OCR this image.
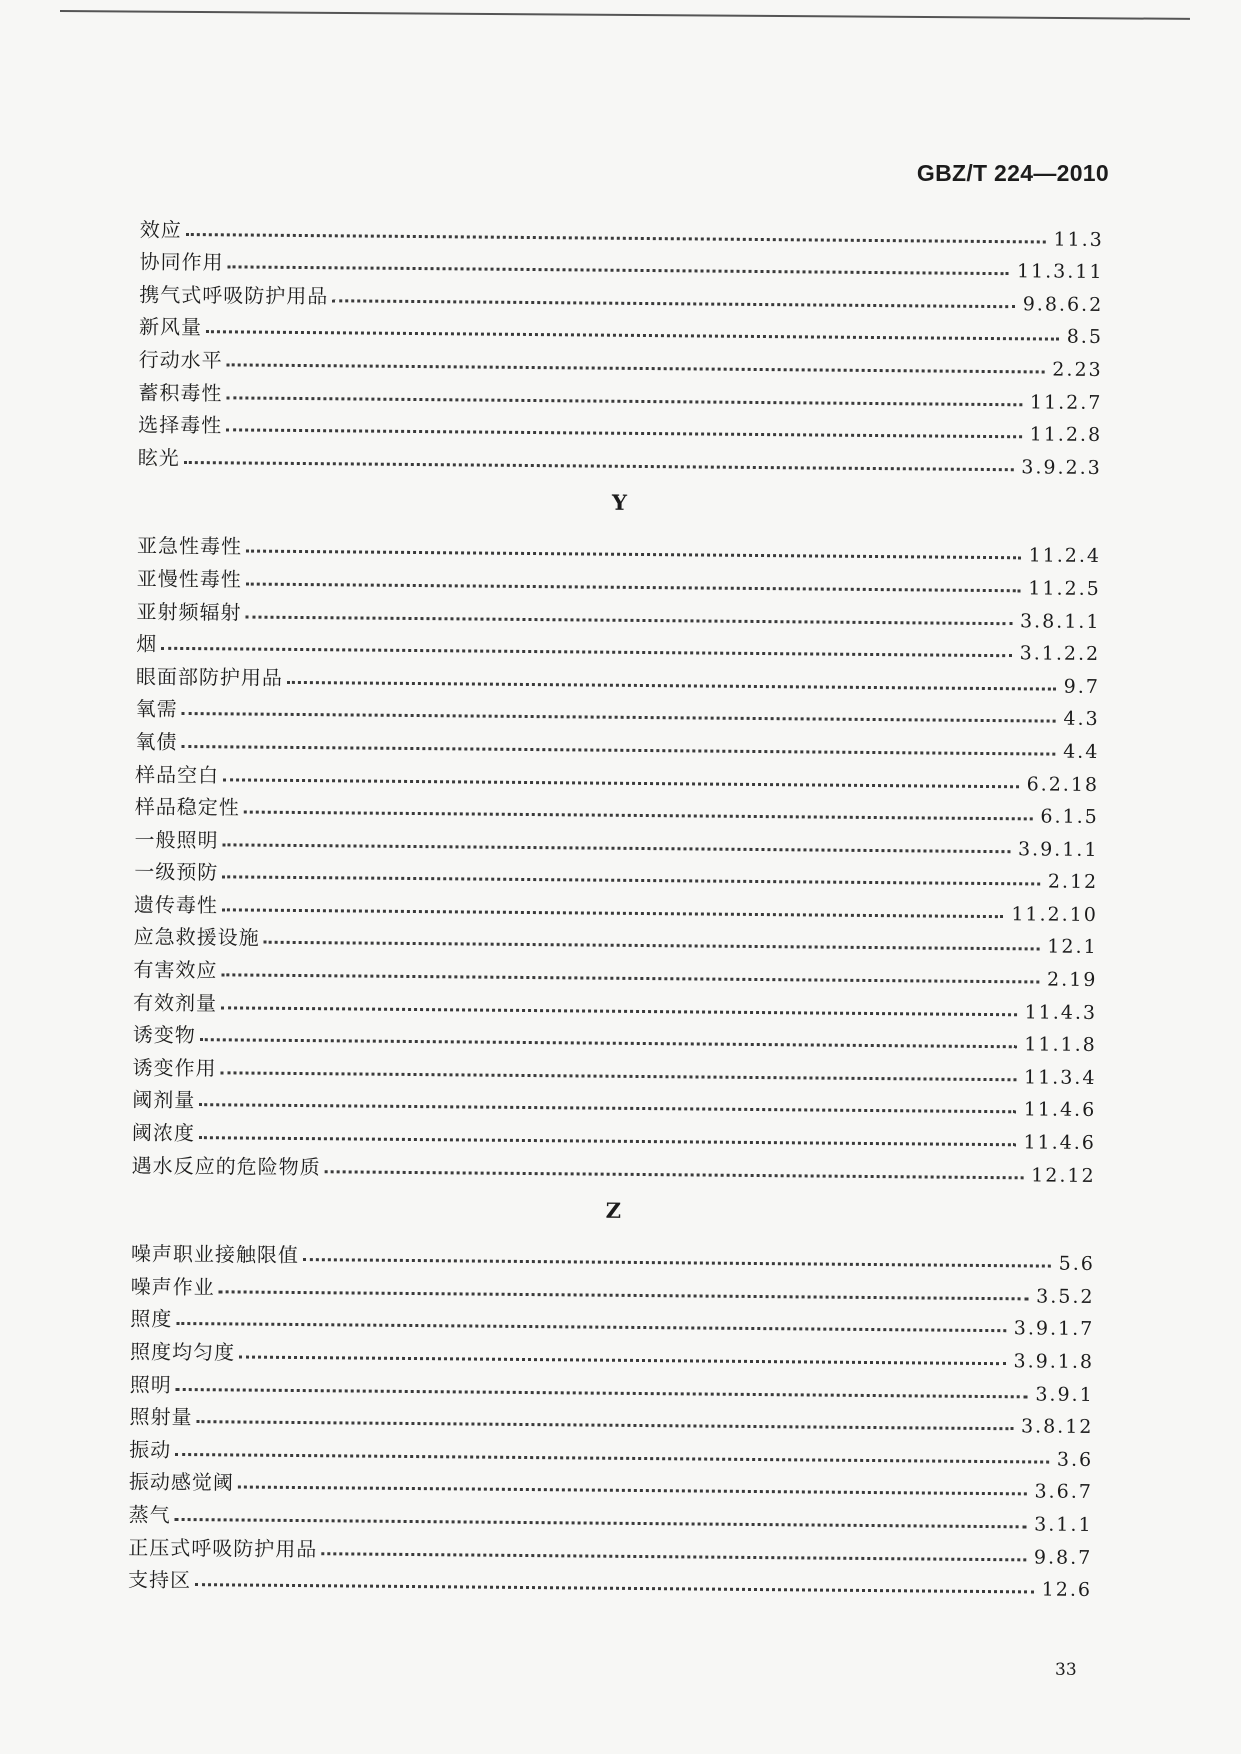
GBZ/T 224—2010
效应	11.3
协同作用	11.3.11
携气式呼吸防护用品	9.8.6.2
新风量	8.5
行动水平	2.23
蓄积毒性	11.2.7
选择毒性	11.2.8
眩光	3.9.2.3
Y
亚急性毒性	11.2.4
亚慢性毒性	11.2.5
亚射频辐射	3.8.1.1
烟	3.1.2.2
眼面部防护用品	9.7
氧需	4.3
氧债	4.4
样品空白	6.2.18
样品稳定性	6.1.5
一般照明	3.9.1.1
一级预防	2.12
遗传毒性	11.2.10
应急救援设施	12.1
有害效应	2.19
有效剂量	11.4.3
诱变物	11.1.8
诱变作用	11.3.4
阈剂量	11.4.6
阈浓度	11.4.6
遇水反应的危险物质	12.12
Z
噪声职业接触限值	5.6
噪声作业	3.5.2
照度	3.9.1.7
照度均匀度	3.9.1.8
照明	3.9.1
照射量	3.8.12
振动	3.6
振动感觉阈	3.6.7
蒸气	3.1.1
正压式呼吸防护用品	9.8.7
支持区	12.6
33
